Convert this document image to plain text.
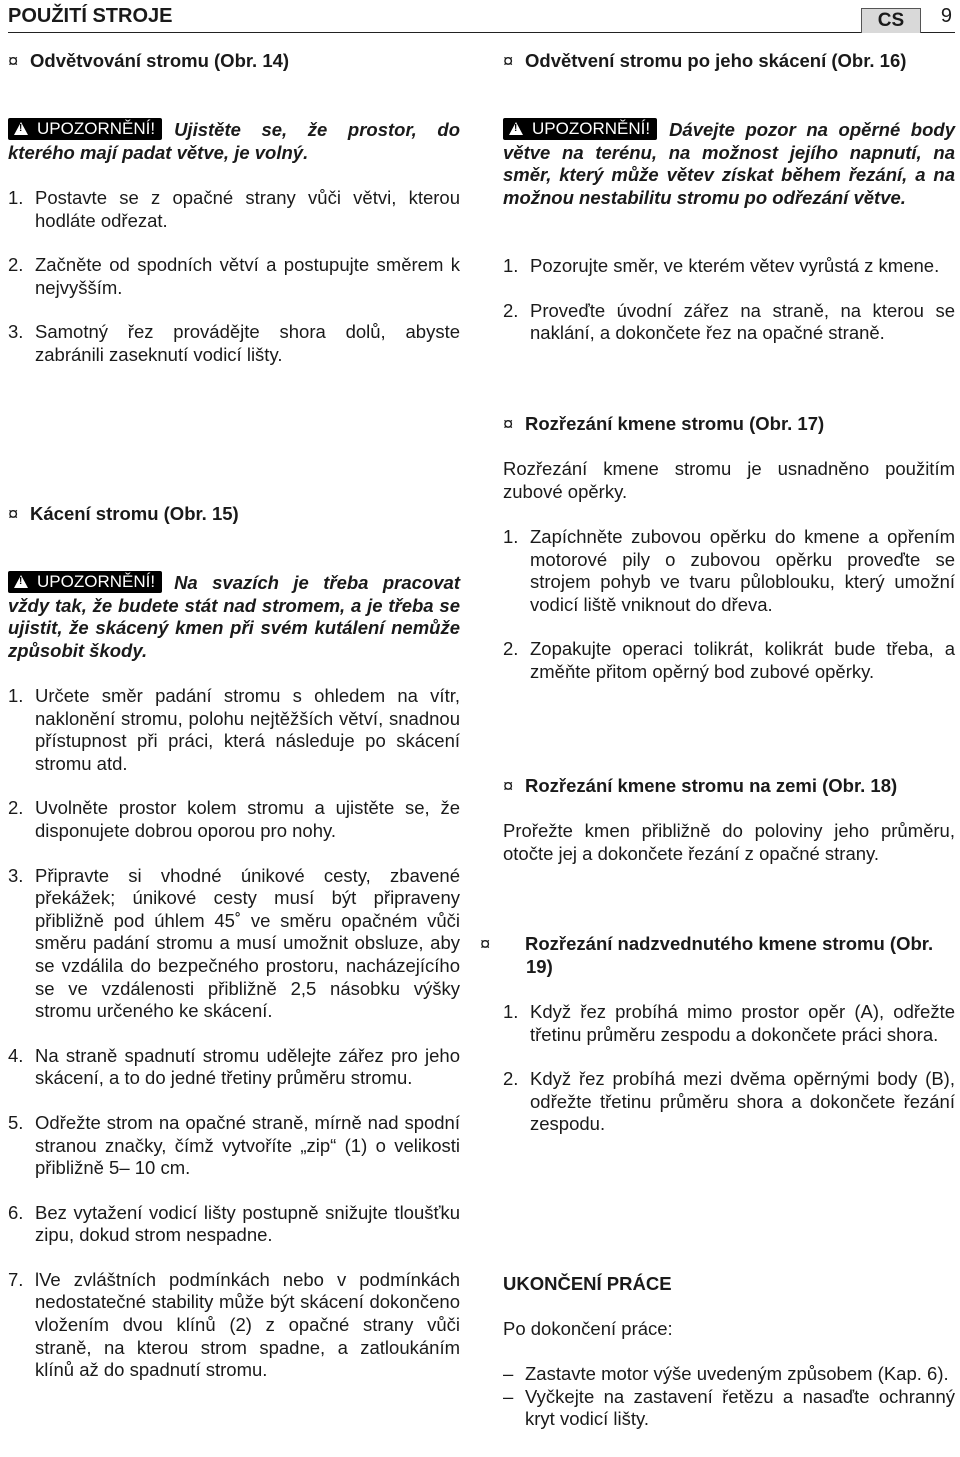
POUŽITÍ STROJE	CS	9
¤ Odvětvování stromu (Obr. 14)
!UPOZORNĚNÍ! Ujistěte se, že prostor, do kterého mají padat větve, je volný.
1. Postavte se z opačné strany vůči větvi, kterou hodláte odřezat.
2. Začněte od spodních větví a postupujte směrem k nejvyšším.
3. Samotný řez provádějte shora dolů, abyste zabránili zaseknutí vodicí lišty.
¤ Kácení stromu (Obr. 15)
!UPOZORNĚNÍ! Na svazích je třeba pracovat vždy tak, že budete stát nad stromem, a je třeba se ujistit, že skácený kmen při svém kutálení nemůže způsobit škody.
1. Určete směr padání stromu s ohledem na vítr, naklonění stromu, polohu nejtěžších větví, snadnou přístupnost při práci, která následuje po skácení stromu atd.
2. Uvolněte prostor kolem stromu a ujistěte se, že disponujete dobrou oporou pro nohy.
3. Připravte si vhodné únikové cesty, zbavené překážek; únikové cesty musí být připraveny přibližně pod úhlem 45˚ ve směru opačném vůči směru padání stromu a musí umožnit obsluze, aby se vzdálila do bezpečného prostoru, nacházejícího se ve vzdálenosti přibližně 2,5 násobku výšky stromu určeného ke skácení.
4. Na straně spadnutí stromu udělejte zářez pro jeho skácení, a to do jedné třetiny průměru stromu.
5. Odřežte strom na opačné straně, mírně nad spodní stranou značky, čímž vytvoříte „zip“ (1) o velikosti přibližně 5– 10 cm.
6. Bez vytažení vodicí lišty postupně snižujte tloušťku zipu, dokud strom nespadne.
7. lVe zvláštních podmínkách nebo v podmínkách nedostatečné stability může být skácení dokončeno vložením dvou klínů (2) z opačné strany vůči straně, na kterou strom spadne, a zatloukáním klínů až do spadnutí stromu.
¤ Odvětvení stromu po jeho skácení (Obr. 16)
!UPOZORNĚNÍ! Dávejte pozor na opěrné body větve na terénu, na možnost jejího napnutí, na směr, který může větev získat během řezání, a na možnou nestabilitu stromu po odřezání větve.
1. Pozorujte směr, ve kterém větev vyrůstá z kmene.
2. Proveďte úvodní zářez na straně, na kterou se naklání, a dokončete řez na opačné straně.
¤ Rozřezání kmene stromu (Obr. 17)
Rozřezání kmene stromu je usnadněno použitím zubové opěrky.
1. Zapíchněte zubovou opěrku do kmene a opřením motorové pily o zubovou opěrku proveďte se strojem pohyb ve tvaru půloblouku, který umožní vodicí liště vniknout do dřeva.
2. Zopakujte operaci tolikrát, kolikrát bude třeba, a změňte přitom opěrný bod zubové opěrky.
¤ Rozřezání kmene stromu na zemi (Obr. 18)
Prořežte kmen přibližně do poloviny jeho průměru, otočte jej a dokončete řezání z opačné strany.
¤ Rozřezání nadzvednutého kmene stromu (Obr. 19)
1. Když řez probíhá mimo prostor opěr (A), odřežte třetinu průměru zespodu a dokončete práci shora.
2. Když řez probíhá mezi dvěma opěrnými body (B), odřežte třetinu průměru shora a dokončete řezání zespodu.
UKONČENÍ PRÁCE
Po dokončení práce:
– Zastavte motor výše uvedeným způsobem (Kap. 6).
– Vyčkejte na zastavení řetězu a nasaďte ochranný kryt vodicí lišty.
